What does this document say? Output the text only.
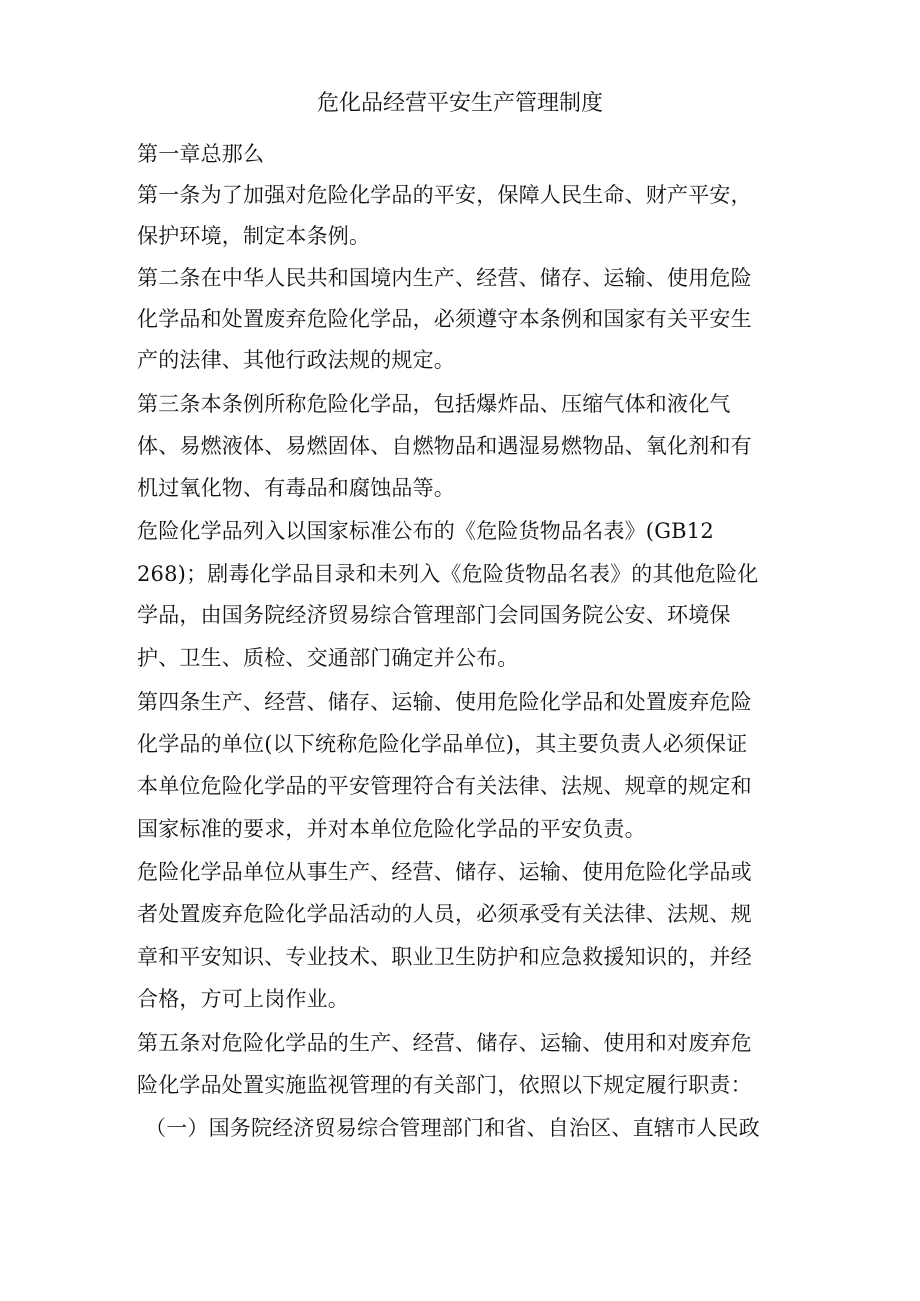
危化品经营平安生产管理制度
第一章总那么
第一条为了加强对危险化学品的平安，保障人民生命、财产平安，
保护环境，制定本条例。
第二条在中华人民共和国境内生产、经营、储存、运输、使用危险
化学品和处置废弃危险化学品，必须遵守本条例和国家有关平安生
产的法律、其他行政法规的规定。
第三条本条例所称危险化学品，包括爆炸品、压缩气体和液化气
体、易燃液体、易燃固体、自燃物品和遇湿易燃物品、氧化剂和有
机过氧化物、有毒品和腐蚀品等。
危险化学品列入以国家标准公布的《危险货物品名表》(GB12
268)；剧毒化学品目录和未列入《危险货物品名表》的其他危险化
学品，由国务院经济贸易综合管理部门会同国务院公安、环境保
护、卫生、质检、交通部门确定并公布。
第四条生产、经营、储存、运输、使用危险化学品和处置废弃危险
化学品的单位(以下统称危险化学品单位)，其主要负责人必须保证
本单位危险化学品的平安管理符合有关法律、法规、规章的规定和
国家标准的要求，并对本单位危险化学品的平安负责。
危险化学品单位从事生产、经营、储存、运输、使用危险化学品或
者处置废弃危险化学品活动的人员，必须承受有关法律、法规、规
章和平安知识、专业技术、职业卫生防护和应急救援知识的，并经
合格，方可上岗作业。
第五条对危险化学品的生产、经营、储存、运输、使用和对废弃危
险化学品处置实施监视管理的有关部门，依照以下规定履行职责：
（一）国务院经济贸易综合管理部门和省、自治区、直辖市人民政
